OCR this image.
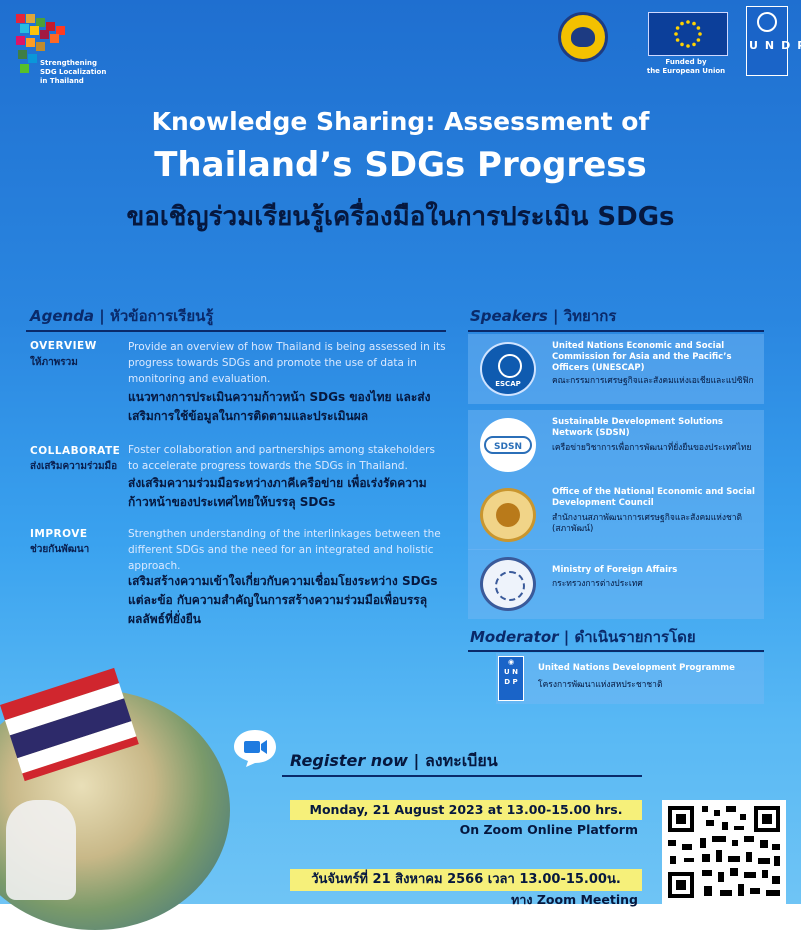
Strengthening
SDG Localization
in Thailand
Funded by
the European Union
UNDP
Knowledge Sharing: Assessment of
Thailand’s SDGs Progress
ขอเชิญร่วมเรียนรู้เครื่องมือในการประเมิน SDGs
Agenda | หัวข้อการเรียนรู้
OVERVIEW
ให้ภาพรวม
Provide an overview of how Thailand is being assessed in its progress towards SDGs and promote the use of data in monitoring and evaluation.
แนวทางการประเมินความก้าวหน้า SDGs ของไทย และส่งเสริมการใช้ข้อมูลในการติดตามและประเมินผล
COLLABORATE
ส่งเสริมความร่วมมือ
Foster collaboration and partnerships among stakeholders to accelerate progress towards the SDGs in Thailand.
ส่งเสริมความร่วมมือระหว่างภาคีเครือข่าย เพื่อเร่งรัดความก้าวหน้าของประเทศไทยให้บรรลุ SDGs
IMPROVE
ช่วยกันพัฒนา
Strengthen understanding of the interlinkages between the different SDGs and the need for an integrated and holistic approach.
เสริมสร้างความเข้าใจเกี่ยวกับความเชื่อมโยงระหว่าง SDGs แต่ละข้อ กับความสำคัญในการสร้างความร่วมมือเพื่อบรรลุผลลัพธ์ที่ยั่งยืน
Speakers | วิทยากร
ESCAP
United Nations Economic and Social Commission for Asia and the Pacific’s Officers (UNESCAP)
คณะกรรมการเศรษฐกิจและสังคมแห่งเอเชียและแปซิฟิก
SDSN
Sustainable Development Solutions Network (SDSN)
เครือข่ายวิชาการเพื่อการพัฒนาที่ยั่งยืนของประเทศไทย
Office of the National Economic and Social Development Council
สำนักงานสภาพัฒนาการเศรษฐกิจและสังคมแห่งชาติ (สภาพัฒน์)
Ministry of Foreign Affairs
กระทรวงการต่างประเทศ
Moderator | ดำเนินรายการโดย
◉
U N
D P
United Nations Development Programme
โครงการพัฒนาแห่งสหประชาชาติ
Register now | ลงทะเบียน
Monday, 21 August 2023 at 13.00-15.00 hrs.
On Zoom Online Platform
วันจันทร์ที่ 21 สิงหาคม 2566 เวลา 13.00-15.00น.
ทาง Zoom Meeting
